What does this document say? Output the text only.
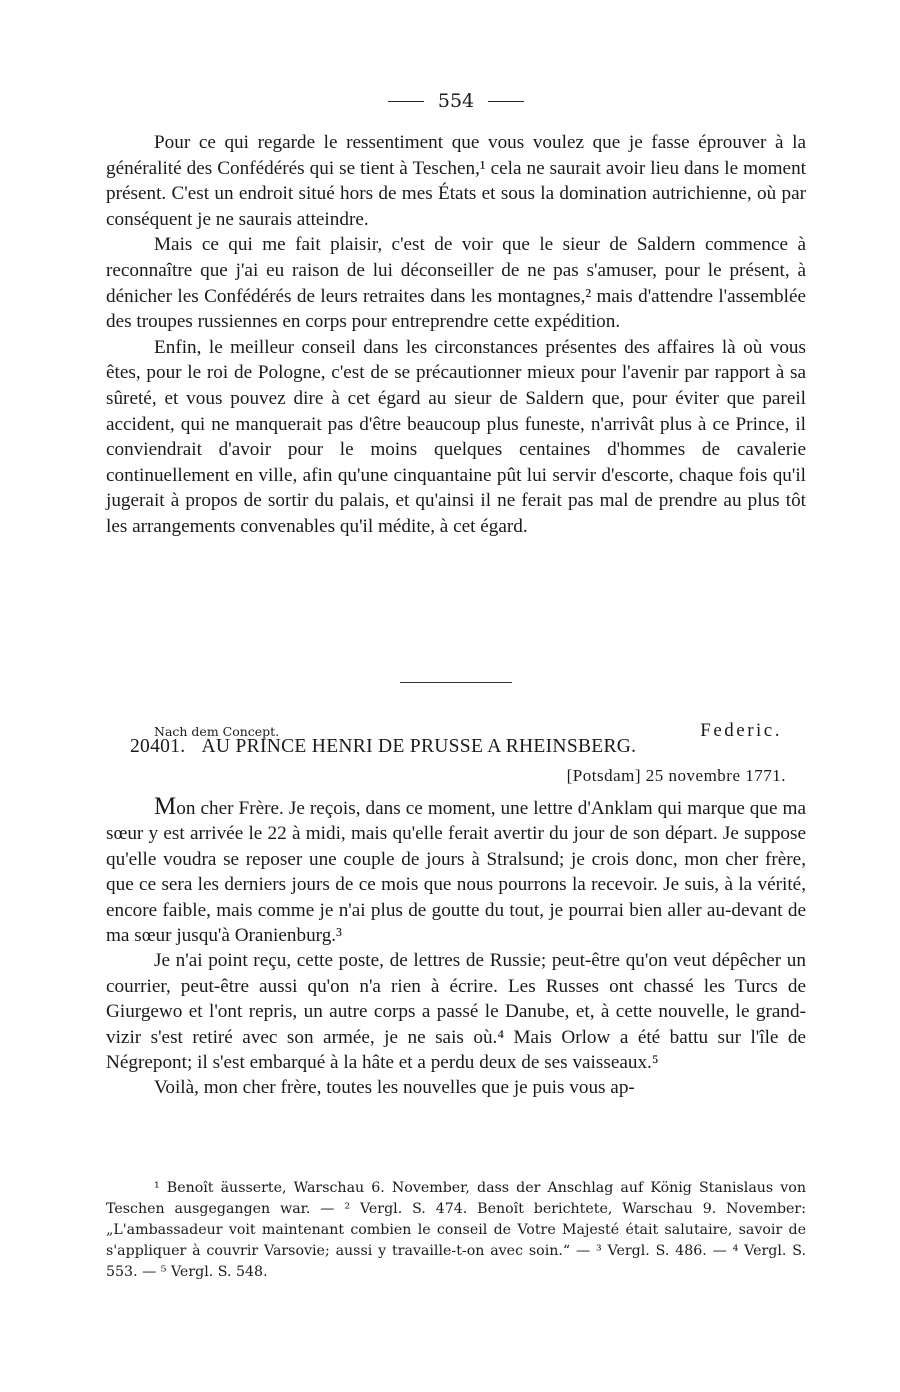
554

Pour ce qui regarde le ressentiment que vous voulez que je fasse éprouver à la généralité des Confédérés qui se tient à Teschen,¹ cela ne saurait avoir lieu dans le moment présent. C'est un endroit situé hors de mes États et sous la domination autrichienne, où par conséquent je ne saurais atteindre.

Mais ce qui me fait plaisir, c'est de voir que le sieur de Saldern commence à reconnaître que j'ai eu raison de lui déconseiller de ne pas s'amuser, pour le présent, à dénicher les Confédérés de leurs retraites dans les montagnes,² mais d'attendre l'assemblée des troupes russiennes en corps pour entreprendre cette expédition.

Enfin, le meilleur conseil dans les circonstances présentes des affaires là où vous êtes, pour le roi de Pologne, c'est de se précautionner mieux pour l'avenir par rapport à sa sûreté, et vous pouvez dire à cet égard au sieur de Saldern que, pour éviter que pareil accident, qui ne manquerait pas d'être beaucoup plus funeste, n'arrivât plus à ce Prince, il conviendrait d'avoir pour le moins quelques centaines d'hommes de cavalerie continuellement en ville, afin qu'une cinquantaine pût lui servir d'escorte, chaque fois qu'il jugerait à propos de sortir du palais, et qu'ainsi il ne ferait pas mal de prendre au plus tôt les arrangements convenables qu'il médite, à cet égard.

Nach dem Concept.	Federic.
20401. AU PRINCE HENRI DE PRUSSE A RHEINSBERG.
[Potsdam] 25 novembre 1771.

Mon cher Frère. Je reçois, dans ce moment, une lettre d'Anklam qui marque que ma sœur y est arrivée le 22 à midi, mais qu'elle ferait avertir du jour de son départ. Je suppose qu'elle voudra se reposer une couple de jours à Stralsund; je crois donc, mon cher frère, que ce sera les derniers jours de ce mois que nous pourrons la recevoir. Je suis, à la vérité, encore faible, mais comme je n'ai plus de goutte du tout, je pourrai bien aller au-devant de ma sœur jusqu'à Oranienburg.³

Je n'ai point reçu, cette poste, de lettres de Russie; peut-être qu'on veut dépêcher un courrier, peut-être aussi qu'on n'a rien à écrire. Les Russes ont chassé les Turcs de Giurgewo et l'ont repris, un autre corps a passé le Danube, et, à cette nouvelle, le grand-vizir s'est retiré avec son armée, je ne sais où.⁴ Mais Orlow a été battu sur l'île de Négrepont; il s'est embarqué à la hâte et a perdu deux de ses vaisseaux.⁵

Voilà, mon cher frère, toutes les nouvelles que je puis vous ap-

¹ Benoît äusserte, Warschau 6. November, dass der Anschlag auf König Stanislaus von Teschen ausgegangen war. — ² Vergl. S. 474. Benoît berichtete, Warschau 9. November: „L'ambassadeur voit maintenant combien le conseil de Votre Majesté était salutaire, savoir de s'appliquer à couvrir Varsovie; aussi y travaille-t-on avec soin.“ — ³ Vergl. S. 486. — ⁴ Vergl. S. 553. — ⁵ Vergl. S. 548.
